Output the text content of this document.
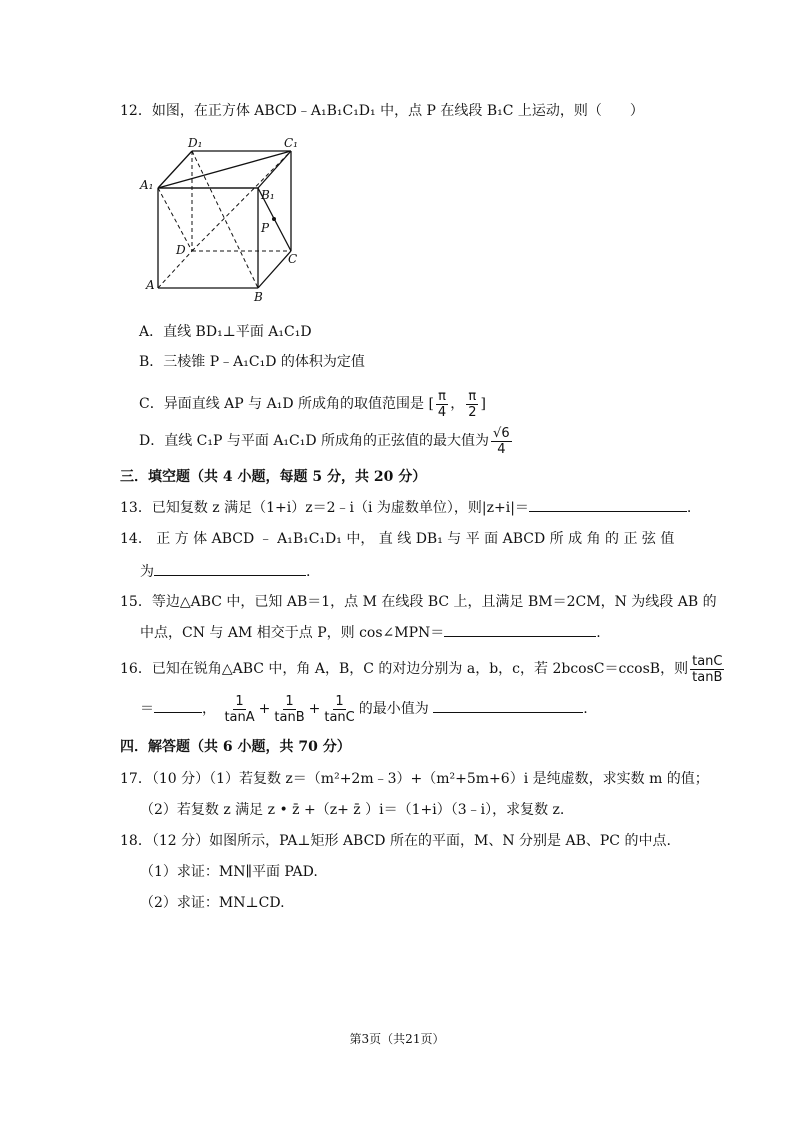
12．如图，在正方体 ABCD﹣A₁B₁C₁D₁ 中，点 P 在线段 B₁C 上运动，则（　　）
D₁	C₁
A₁
B₁
P
D
C
A
B
A．直线 BD₁⊥平面 A₁C₁D
B．三棱锥 P﹣A₁C₁D 的体积为定值
C．异面直线 AP 与 A₁D 所成角的取值范围是 [ $\frac{\pi}{4}$ ， $\frac{\pi}{2}$ ]
D．直线 C₁P 与平面 A₁C₁D 所成角的正弦值的最大值为 $\frac{√6}{4}$
三．填空题（共 4 小题，每题 5 分，共 20 分）
13．已知复数 z 满足（1+i）z＝2﹣i（i 为虚数单位），则|z+i|＝	.
14． 正 方 体 ABCD ﹣ A₁B₁C₁D₁ 中， 直 线 DB₁ 与 平 面 ABCD 所 成 角 的 正 弦 值
为	.
15．等边△ABC 中，已知 AB＝1，点 M 在线段 BC 上，且满足 BM＝2CM，N 为线段 AB 的
中点，CN 与 AM 相交于点 P，则 cos∠MPN＝	.
16．已知在锐角△ABC 中，角 A，B，C 的对边分别为 a，b，c，若 2bcosC＝ccosB，则 $\frac{\tan C}{\tan B}$
＝	， $\frac{1}{\tan A} + \frac{1}{\tan B} + \frac{1}{\tan C}$ 的最小值为	.
四．解答题（共 6 小题，共 70 分）
17．（10 分）（1）若复数 z＝（m²+2m﹣3）+（m²+5m+6）i 是纯虚数，求实数 m 的值；
（2）若复数 z 满足 z • z̄ +（z+ z̄ ）i＝（1+i）（3﹣i），求复数 z.
18．（12 分）如图所示，PA⊥矩形 ABCD 所在的平面，M、N 分别是 AB、PC 的中点.
（1）求证：MN∥平面 PAD.
（2）求证：MN⊥CD.
第3页（共21页）
